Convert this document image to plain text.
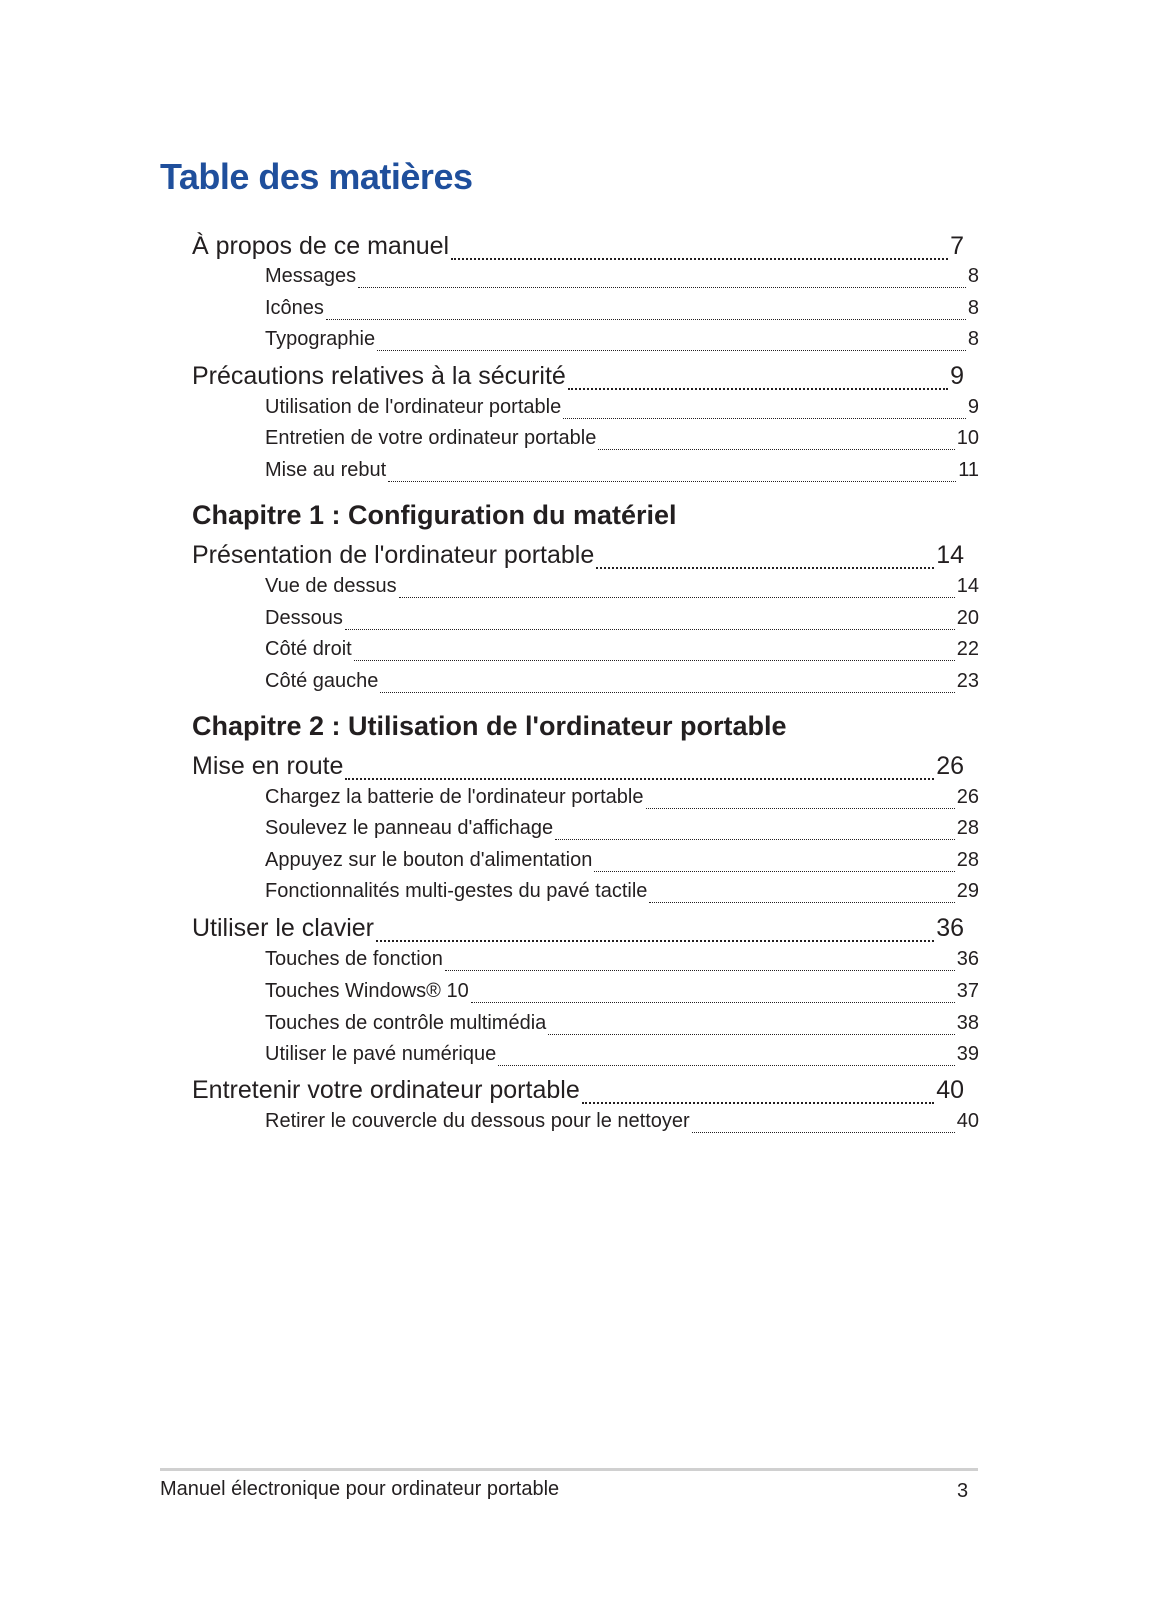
Table des matières
À propos de ce manuel	7
Messages	8
Icônes	8
Typographie	8
Précautions relatives à la sécurité	9
Utilisation de l'ordinateur portable	9
Entretien de votre ordinateur portable	10
Mise au rebut	11
Chapitre 1 : Configuration du matériel
Présentation de l'ordinateur portable	14
Vue de dessus	14
Dessous	20
Côté droit	22
Côté gauche	23
Chapitre 2 : Utilisation de l'ordinateur portable
Mise en route	26
Chargez la batterie de l'ordinateur portable	26
Soulevez le panneau d'affichage	28
Appuyez sur le bouton d'alimentation	28
Fonctionnalités multi-gestes du pavé tactile	29
Utiliser le clavier	36
Touches de fonction	36
Touches Windows® 10	37
Touches de contrôle multimédia	38
Utiliser le pavé numérique	39
Entretenir votre ordinateur portable	40
Retirer le couvercle du dessous pour le nettoyer	40
Manuel électronique pour ordinateur portable	3
